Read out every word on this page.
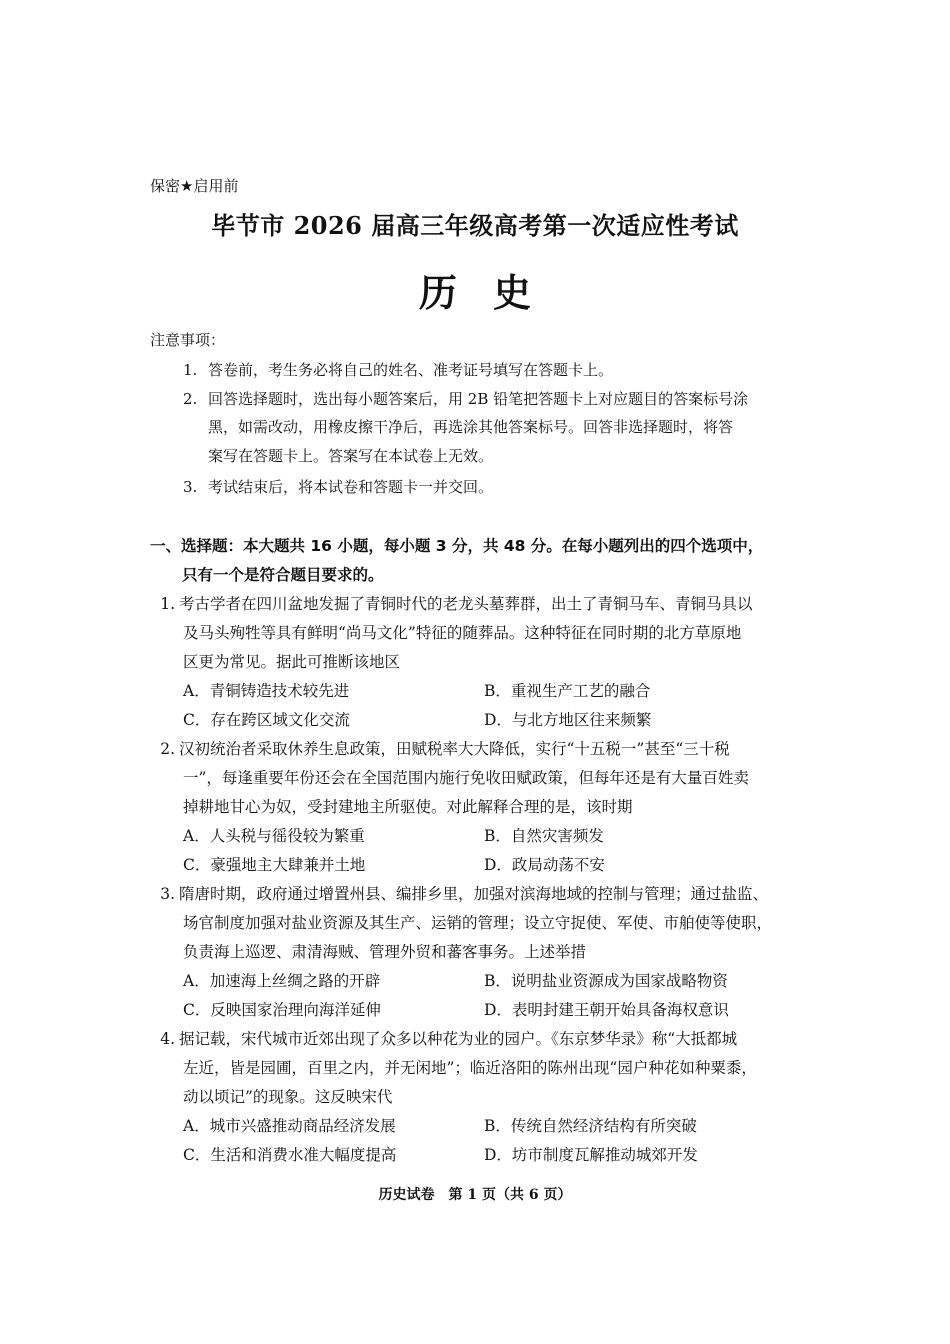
保密★启用前
毕节市 2026 届高三年级高考第一次适应性考试
历史
注意事项：
1. 答卷前，考生务必将自己的姓名、准考证号填写在答题卡上。
2. 回答选择题时，选出每小题答案后，用 2B 铅笔把答题卡上对应题目的答案标号涂
黑，如需改动，用橡皮擦干净后，再选涂其他答案标号。回答非选择题时，将答
案写在答题卡上。答案写在本试卷上无效。
3. 考试结束后，将本试卷和答题卡一并交回。
一、选择题：本大题共 16 小题，每小题 3 分，共 48 分。在每小题列出的四个选项中，
只有一个是符合题目要求的。
1. 考古学者在四川盆地发掘了青铜时代的老龙头墓葬群，出土了青铜马车、青铜马具以
及马头殉牲等具有鲜明“尚马文化”特征的随葬品。这种特征在同时期的北方草原地
区更为常见。据此可推断该地区
A．青铜铸造技术较先进	B．重视生产工艺的融合
C．存在跨区域文化交流	D．与北方地区往来频繁
2. 汉初统治者采取休养生息政策，田赋税率大大降低，实行“十五税一”甚至“三十税
一”，每逢重要年份还会在全国范围内施行免收田赋政策，但每年还是有大量百姓卖
掉耕地甘心为奴，受封建地主所驱使。对此解释合理的是，该时期
A．人头税与徭役较为繁重	B．自然灾害频发
C．豪强地主大肆兼并土地	D．政局动荡不安
3. 隋唐时期，政府通过增置州县、编排乡里，加强对滨海地域的控制与管理；通过盐监、
场官制度加强对盐业资源及其生产、运销的管理；设立守捉使、军使、市舶使等使职，
负责海上巡逻、肃清海贼、管理外贸和蕃客事务。上述举措
A．加速海上丝绸之路的开辟	B．说明盐业资源成为国家战略物资
C．反映国家治理向海洋延伸	D．表明封建王朝开始具备海权意识
4. 据记载，宋代城市近郊出现了众多以种花为业的园户。《东京梦华录》称“大抵都城
左近，皆是园圃，百里之内，并无闲地”；临近洛阳的陈州出现“园户种花如种粟黍，
动以顷记”的现象。这反映宋代
A．城市兴盛推动商品经济发展	B．传统自然经济结构有所突破
C．生活和消费水准大幅度提高	D．坊市制度瓦解推动城郊开发
历史试卷　第 1 页（共 6 页）
